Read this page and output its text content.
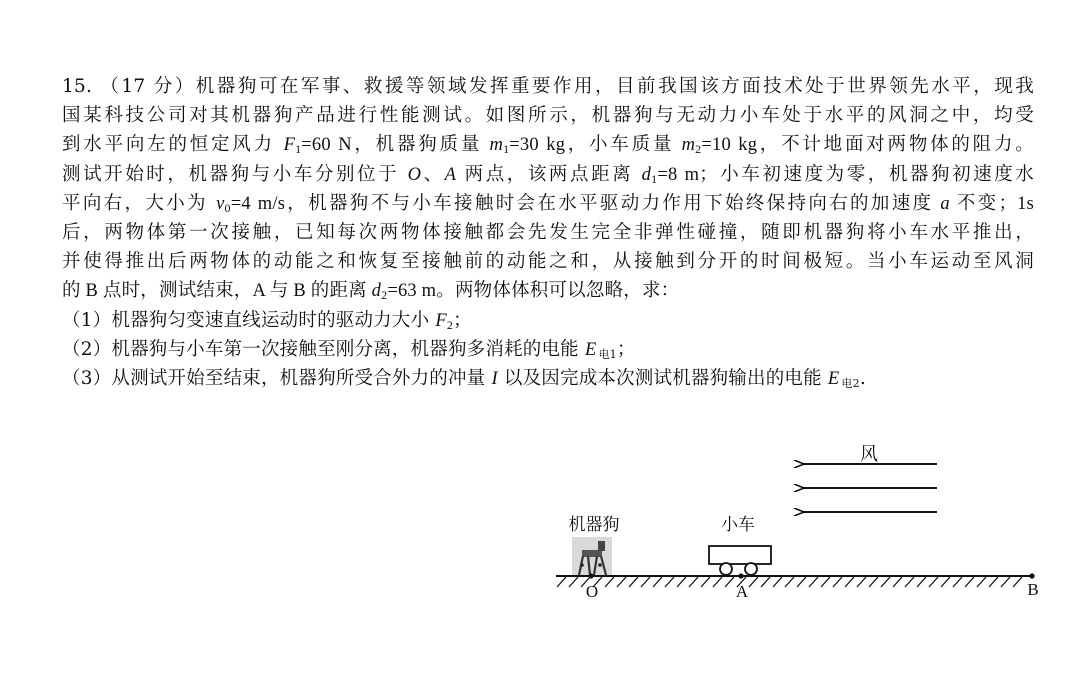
15. （17 分）机器狗可在军事、救援等领域发挥重要作用，目前我国该方面技术处于世界领先水平，现我
国某科技公司对其机器狗产品进行性能测试。如图所示，机器狗与无动力小车处于水平的风洞之中，均受
到水平向左的恒定风力 $F_1=60$ N，机器狗质量 $m_1=30$ kg，小车质量 $m_2=10$ kg，不计地面对两物体的阻力。
测试开始时，机器狗与小车分别位于 O、A 两点，该两点距离 $d_1=8$ m；小车初速度为零，机器狗初速度水
平向右，大小为 $v_0=4$ m/s，机器狗不与小车接触时会在水平驱动力作用下始终保持向右的加速度 a 不变；1s
后，两物体第一次接触，已知每次两物体接触都会先发生完全非弹性碰撞，随即机器狗将小车水平推出，
并使得推出后两物体的动能之和恢复至接触前的动能之和，从接触到分开的时间极短。当小车运动至风洞
的 B 点时，测试结束，A 与 B 的距离 $d_2=63$ m。两物体体积可以忽略，求：
（1）机器狗匀变速直线运动时的驱动力大小 $F_2$；
（2）机器狗与小车第一次接触至刚分离，机器狗多消耗的电能 E 电1；
（3）从测试开始至结束，机器狗所受合外力的冲量 I 以及因完成本次测试机器狗输出的电能 E 电2.
风
机器狗	小车
O	A	B
